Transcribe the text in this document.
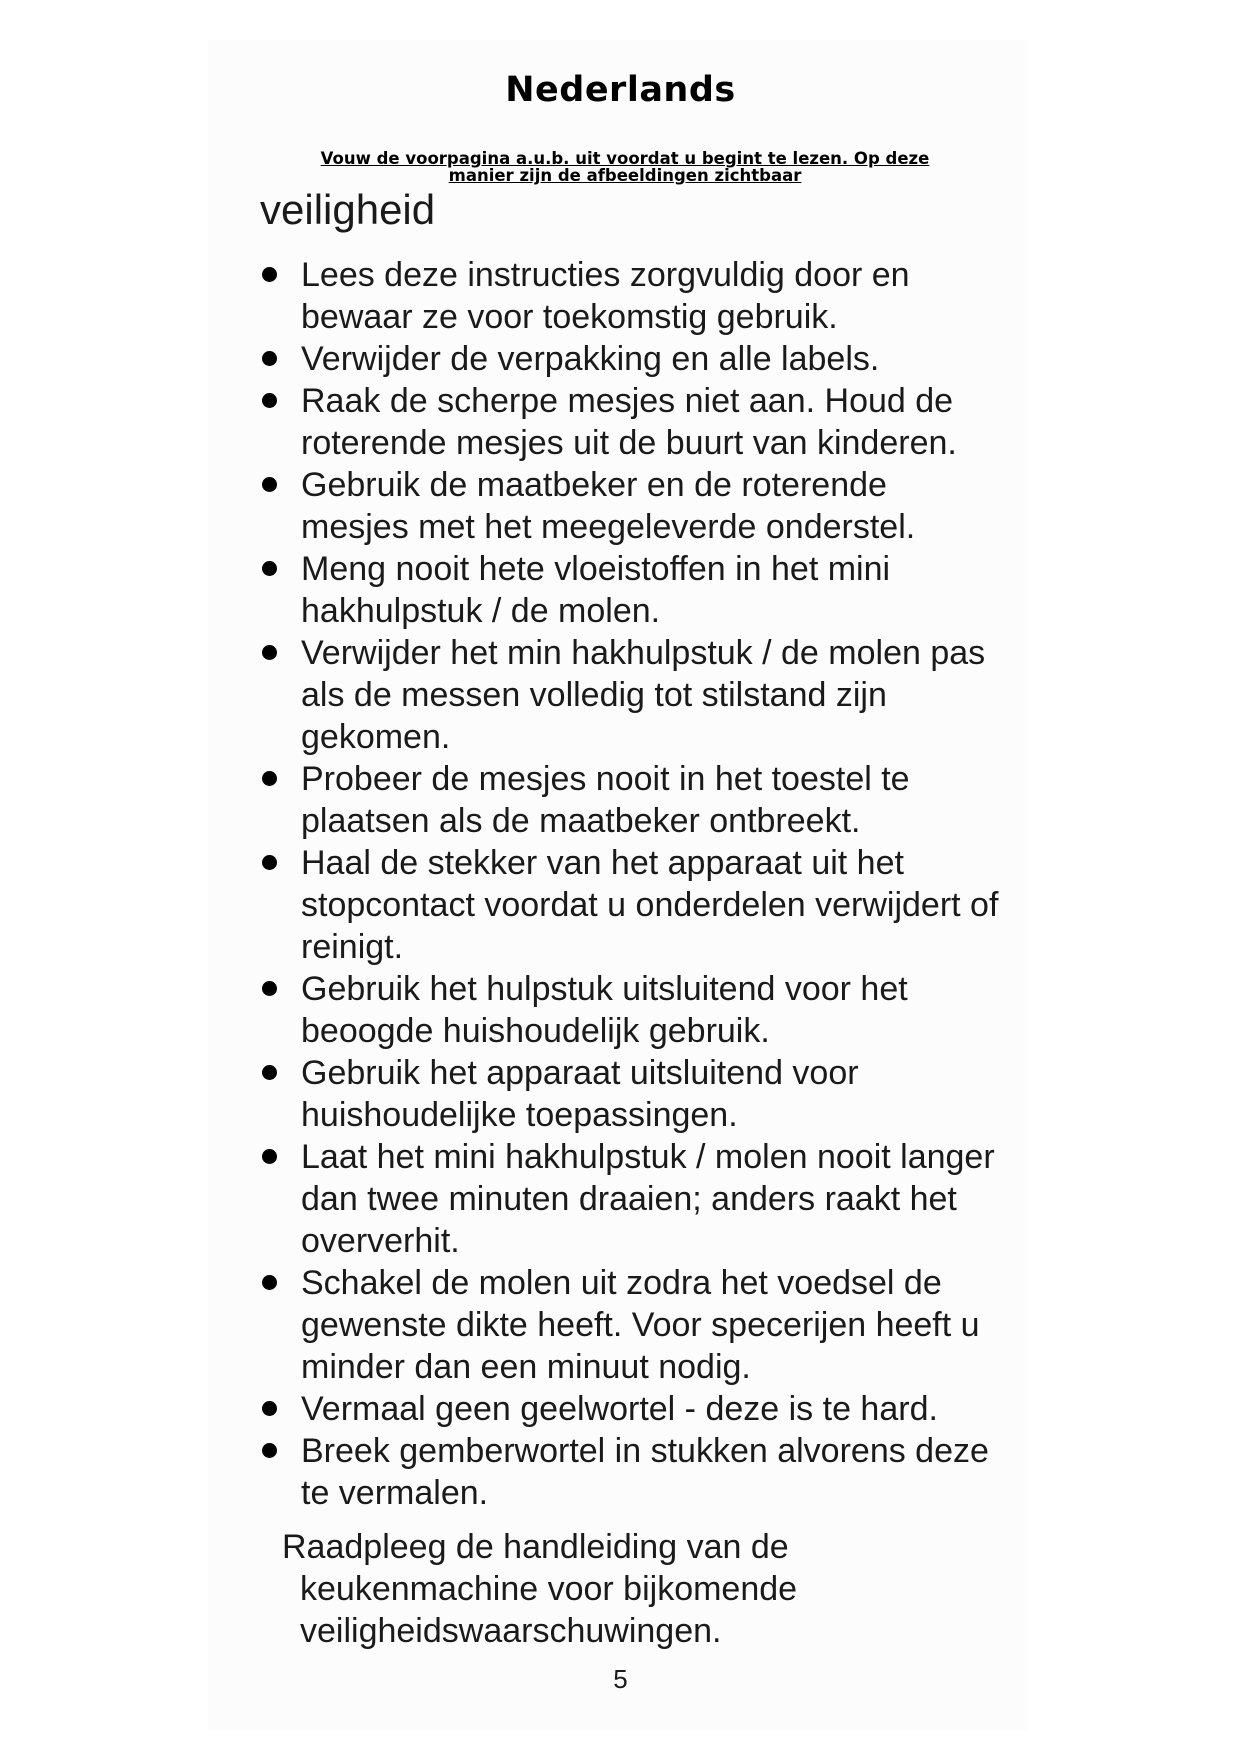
Nederlands
Vouw de voorpagina a.u.b. uit voordat u begint te lezen. Op deze manier zijn de afbeeldingen zichtbaar
veiligheid
Lees deze instructies zorgvuldig door en bewaar ze voor toekomstig gebruik.
Verwijder de verpakking en alle labels.
Raak de scherpe mesjes niet aan. Houd de roterende mesjes uit de buurt van kinderen.
Gebruik de maatbeker en de roterende mesjes met het meegeleverde onderstel.
Meng nooit hete vloeistoffen in het mini hakhulpstuk / de molen.
Verwijder het min hakhulpstuk / de molen pas als de messen volledig tot stilstand zijn gekomen.
Probeer de mesjes nooit in het toestel te plaatsen als de maatbeker ontbreekt.
Haal de stekker van het apparaat uit het stopcontact voordat u onderdelen verwijdert of reinigt.
Gebruik het hulpstuk uitsluitend voor het beoogde huishoudelijk gebruik.
Gebruik het apparaat uitsluitend voor huishoudelijke toepassingen.
Laat het mini hakhulpstuk / molen nooit langer dan twee minuten draaien; anders raakt het oververhit.
Schakel de molen uit zodra het voedsel de gewenste dikte heeft. Voor specerijen heeft u minder dan een minuut nodig.
Vermaal geen geelwortel - deze is te hard.
Breek gemberwortel in stukken alvorens deze te vermalen.
Raadpleeg de handleiding van de keukenmachine voor bijkomende veiligheidswaarschuwingen.
5
